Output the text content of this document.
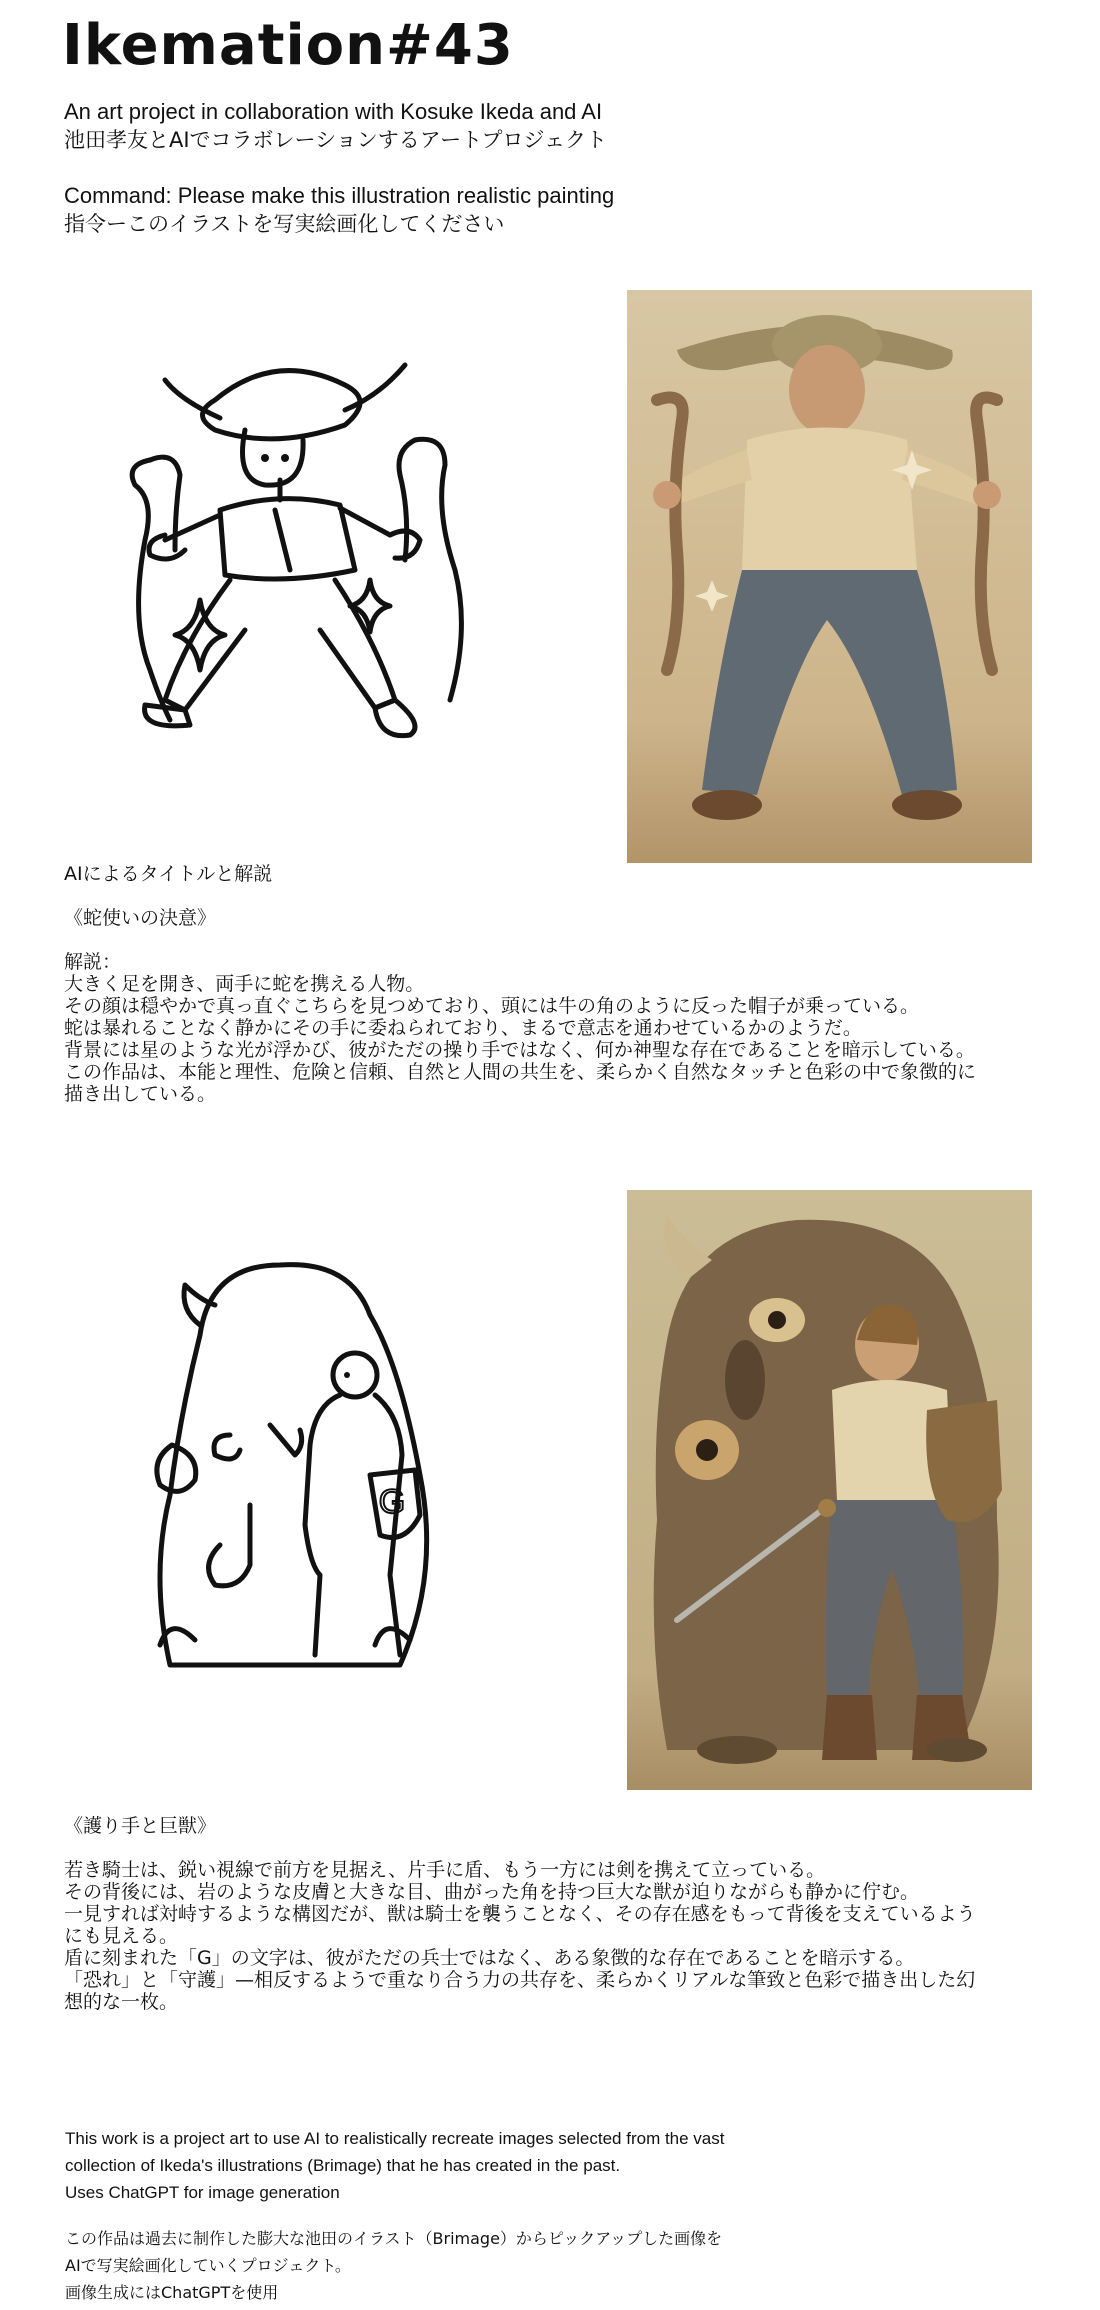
Ikemation#43
An art project in collaboration with Kosuke Ikeda and AI
池田孝友とAIでコラボレーションするアートプロジェクト
Command: Please make this illustration realistic painting
指令ーこのイラストを写実絵画化してください
AIによるタイトルと解説
《蛇使いの決意》
解説：
大きく足を開き、両手に蛇を携える人物。
その顔は穏やかで真っ直ぐこちらを見つめており、頭には牛の角のように反った帽子が乗っている。
蛇は暴れることなく静かにその手に委ねられており、まるで意志を通わせているかのようだ。
背景には星のような光が浮かび、彼がただの操り手ではなく、何か神聖な存在であることを暗示している。
この作品は、本能と理性、危険と信頼、自然と人間の共生を、柔らかく自然なタッチと色彩の中で象徴的に
描き出している。
G
《護り手と巨獣》
若き騎士は、鋭い視線で前方を見据え、片手に盾、もう一方には剣を携えて立っている。
その背後には、岩のような皮膚と大きな目、曲がった角を持つ巨大な獣が迫りながらも静かに佇む。
一見すれば対峙するような構図だが、獣は騎士を襲うことなく、その存在感をもって背後を支えているよう
にも見える。
盾に刻まれた「G」の文字は、彼がただの兵士ではなく、ある象徴的な存在であることを暗示する。
「恐れ」と「守護」—相反するようで重なり合う力の共存を、柔らかくリアルな筆致と色彩で描き出した幻
想的な一枚。
This work is a project art to use AI to realistically recreate images selected from the vast
collection of Ikeda's illustrations (Brimage) that he has created in the past.
Uses ChatGPT for image generation
この作品は過去に制作した膨大な池田のイラスト（Brimage）からピックアップした画像を
AIで写実絵画化していくプロジェクト。
画像生成にはChatGPTを使用
